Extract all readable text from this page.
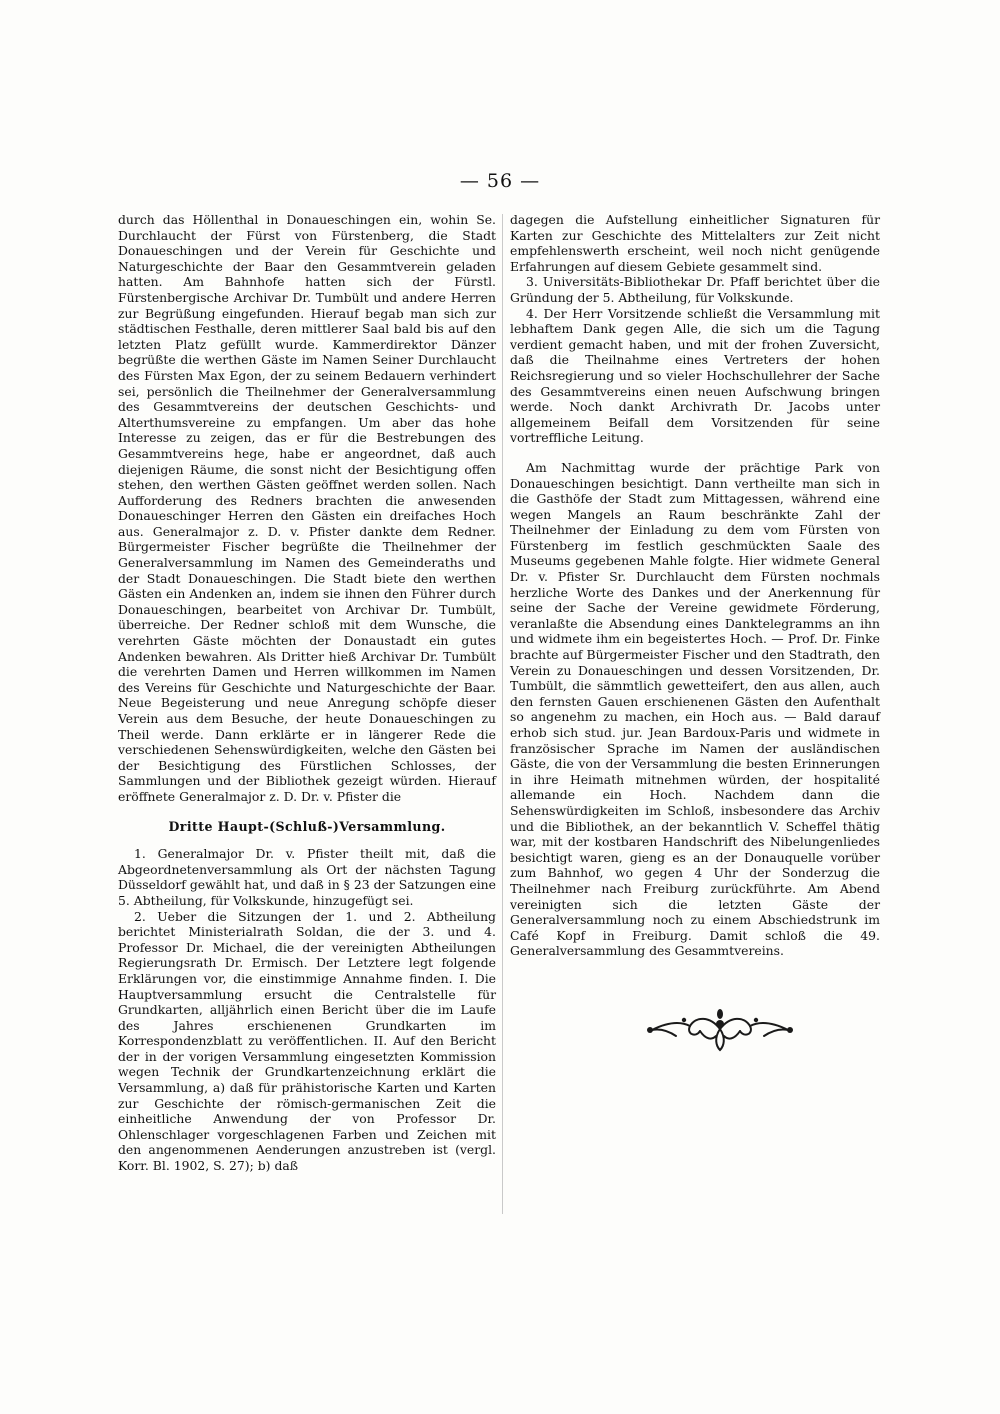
— 56 —

durch das Höllenthal in Donaueschingen ein, wohin Se. Durchlaucht der Fürst von Fürstenberg, die Stadt Donaueschingen und der Verein für Geschichte und Naturgeschichte der Baar den Gesammtverein geladen hatten. Am Bahnhofe hatten sich der Fürstl. Fürstenbergische Archivar Dr. Tumbült und andere Herren zur Begrüßung eingefunden. Hierauf begab man sich zur städtischen Festhalle, deren mittlerer Saal bald bis auf den letzten Platz gefüllt wurde. Kammerdirektor Dänzer begrüßte die werthen Gäste im Namen Seiner Durchlaucht des Fürsten Max Egon, der zu seinem Bedauern verhindert sei, persönlich die Theilnehmer der Generalversammlung des Gesammtvereins der deutschen Geschichts- und Alterthumsvereine zu empfangen. Um aber das hohe Interesse zu zeigen, das er für die Bestrebungen des Gesammtvereins hege, habe er angeordnet, daß auch diejenigen Räume, die sonst nicht der Besichtigung offen stehen, den werthen Gästen geöffnet werden sollen. Nach Aufforderung des Redners brachten die anwesenden Donaueschinger Herren den Gästen ein dreifaches Hoch aus. Generalmajor z. D. v. Pfister dankte dem Redner. Bürgermeister Fischer begrüßte die Theilnehmer der Generalversammlung im Namen des Gemeinderaths und der Stadt Donaueschingen. Die Stadt biete den werthen Gästen ein Andenken an, indem sie ihnen den Führer durch Donaueschingen, bearbeitet von Archivar Dr. Tumbült, überreiche. Der Redner schloß mit dem Wunsche, die verehrten Gäste möchten der Donaustadt ein gutes Andenken bewahren. Als Dritter hieß Archivar Dr. Tumbült die verehrten Damen und Herren willkommen im Namen des Vereins für Geschichte und Naturgeschichte der Baar. Neue Begeisterung und neue Anregung schöpfe dieser Verein aus dem Besuche, der heute Donaueschingen zu Theil werde. Dann erklärte er in längerer Rede die verschiedenen Sehenswürdigkeiten, welche den Gästen bei der Besichtigung des Fürstlichen Schlosses, der Sammlungen und der Bibliothek gezeigt würden. Hierauf eröffnete Generalmajor z. D. Dr. v. Pfister die

Dritte Haupt-(Schluß-)Versammlung.

1. Generalmajor Dr. v. Pfister theilt mit, daß die Abgeordnetenversammlung als Ort der nächsten Tagung Düsseldorf gewählt hat, und daß in § 23 der Satzungen eine 5. Abtheilung, für Volkskunde, hinzugefügt sei.

2. Ueber die Sitzungen der 1. und 2. Abtheilung berichtet Ministerialrath Soldan, die der 3. und 4. Professor Dr. Michael, die der vereinigten Abtheilungen Regierungsrath Dr. Ermisch. Der Letztere legt folgende Erklärungen vor, die einstimmige Annahme finden. I. Die Hauptversammlung ersucht die Centralstelle für Grundkarten, alljährlich einen Bericht über die im Laufe des Jahres erschienenen Grundkarten im Korrespondenzblatt zu veröffentlichen. II. Auf den Bericht der in der vorigen Versammlung eingesetzten Kommission wegen Technik der Grundkartenzeichnung erklärt die Versammlung, a) daß für prähistorische Karten und Karten zur Geschichte der römisch-germanischen Zeit die einheitliche Anwendung der von Professor Dr. Ohlenschlager vorgeschlagenen Farben und Zeichen mit den angenommenen Aenderungen anzustreben ist (vergl. Korr. Bl. 1902, S. 27); b) daß

dagegen die Aufstellung einheitlicher Signaturen für Karten zur Geschichte des Mittelalters zur Zeit nicht empfehlenswerth erscheint, weil noch nicht genügende Erfahrungen auf diesem Gebiete gesammelt sind.

3. Universitäts-Bibliothekar Dr. Pfaff berichtet über die Gründung der 5. Abtheilung, für Volkskunde.

4. Der Herr Vorsitzende schließt die Versammlung mit lebhaftem Dank gegen Alle, die sich um die Tagung verdient gemacht haben, und mit der frohen Zuversicht, daß die Theilnahme eines Vertreters der hohen Reichsregierung und so vieler Hochschullehrer der Sache des Gesammtvereins einen neuen Aufschwung bringen werde. Noch dankt Archivrath Dr. Jacobs unter allgemeinem Beifall dem Vorsitzenden für seine vortreffliche Leitung.

Am Nachmittag wurde der prächtige Park von Donaueschingen besichtigt. Dann vertheilte man sich in die Gasthöfe der Stadt zum Mittagessen, während eine wegen Mangels an Raum beschränkte Zahl der Theilnehmer der Einladung zu dem vom Fürsten von Fürstenberg im festlich geschmückten Saale des Museums gegebenen Mahle folgte. Hier widmete General Dr. v. Pfister Sr. Durchlaucht dem Fürsten nochmals herzliche Worte des Dankes und der Anerkennung für seine der Sache der Vereine gewidmete Förderung, veranlaßte die Absendung eines Danktelegramms an ihn und widmete ihm ein begeistertes Hoch. — Prof. Dr. Finke brachte auf Bürgermeister Fischer und den Stadtrath, den Verein zu Donaueschingen und dessen Vorsitzenden, Dr. Tumbült, die sämmtlich gewetteifert, den aus allen, auch den fernsten Gauen erschienenen Gästen den Aufenthalt so angenehm zu machen, ein Hoch aus. — Bald darauf erhob sich stud. jur. Jean Bardoux-Paris und widmete in französischer Sprache im Namen der ausländischen Gäste, die von der Versammlung die besten Erinnerungen in ihre Heimath mitnehmen würden, der hospitalité allemande ein Hoch. Nachdem dann die Sehenswürdigkeiten im Schloß, insbesondere das Archiv und die Bibliothek, an der bekanntlich V. Scheffel thätig war, mit der kostbaren Handschrift des Nibelungenliedes besichtigt waren, gieng es an der Donauquelle vorüber zum Bahnhof, wo gegen 4 Uhr der Sonderzug die Theilnehmer nach Freiburg zurückführte. Am Abend vereinigten sich die letzten Gäste der Generalversammlung noch zu einem Abschiedstrunk im Café Kopf in Freiburg. Damit schloß die 49. Generalversammlung des Gesammtvereins.
